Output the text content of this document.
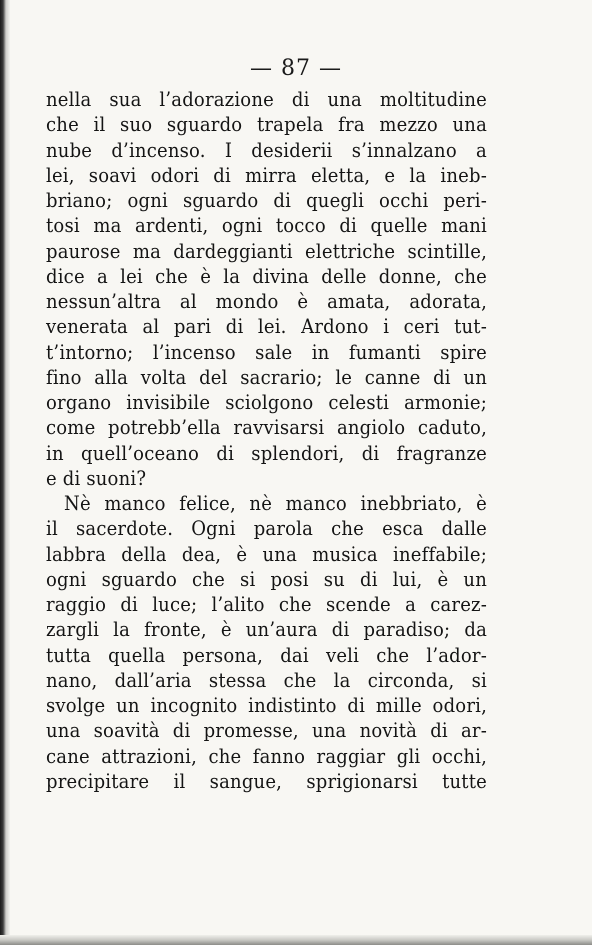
— 87 —
nella sua l’adorazione di una moltitudine
che il suo sguardo trapela fra mezzo una
nube d’incenso. I desiderii s’innalzano a
lei, soavi odori di mirra eletta, e la ineb-
briano; ogni sguardo di quegli occhi peri-
tosi ma ardenti, ogni tocco di quelle mani
paurose ma dardeggianti elettriche scintille,
dice a lei che è la divina delle donne, che
nessun’altra al mondo è amata, adorata,
venerata al pari di lei. Ardono i ceri tut-
t’intorno; l’incenso sale in fumanti spire
fino alla volta del sacrario; le canne di un
organo invisibile sciolgono celesti armonie;
come potrebb’ella ravvisarsi angiolo caduto,
in quell’oceano di splendori, di fragranze
e di suoni?
Nè manco felice, nè manco inebbriato, è
il sacerdote. Ogni parola che esca dalle
labbra della dea, è una musica ineffabile;
ogni sguardo che si posi su di lui, è un
raggio di luce; l’alito che scende a carez-
zargli la fronte, è un’aura di paradiso; da
tutta quella persona, dai veli che l’ador-
nano, dall’aria stessa che la circonda, si
svolge un incognito indistinto di mille odori,
una soavità di promesse, una novità di ar-
cane attrazioni, che fanno raggiar gli occhi,
precipitare il sangue, sprigionarsi tutte
